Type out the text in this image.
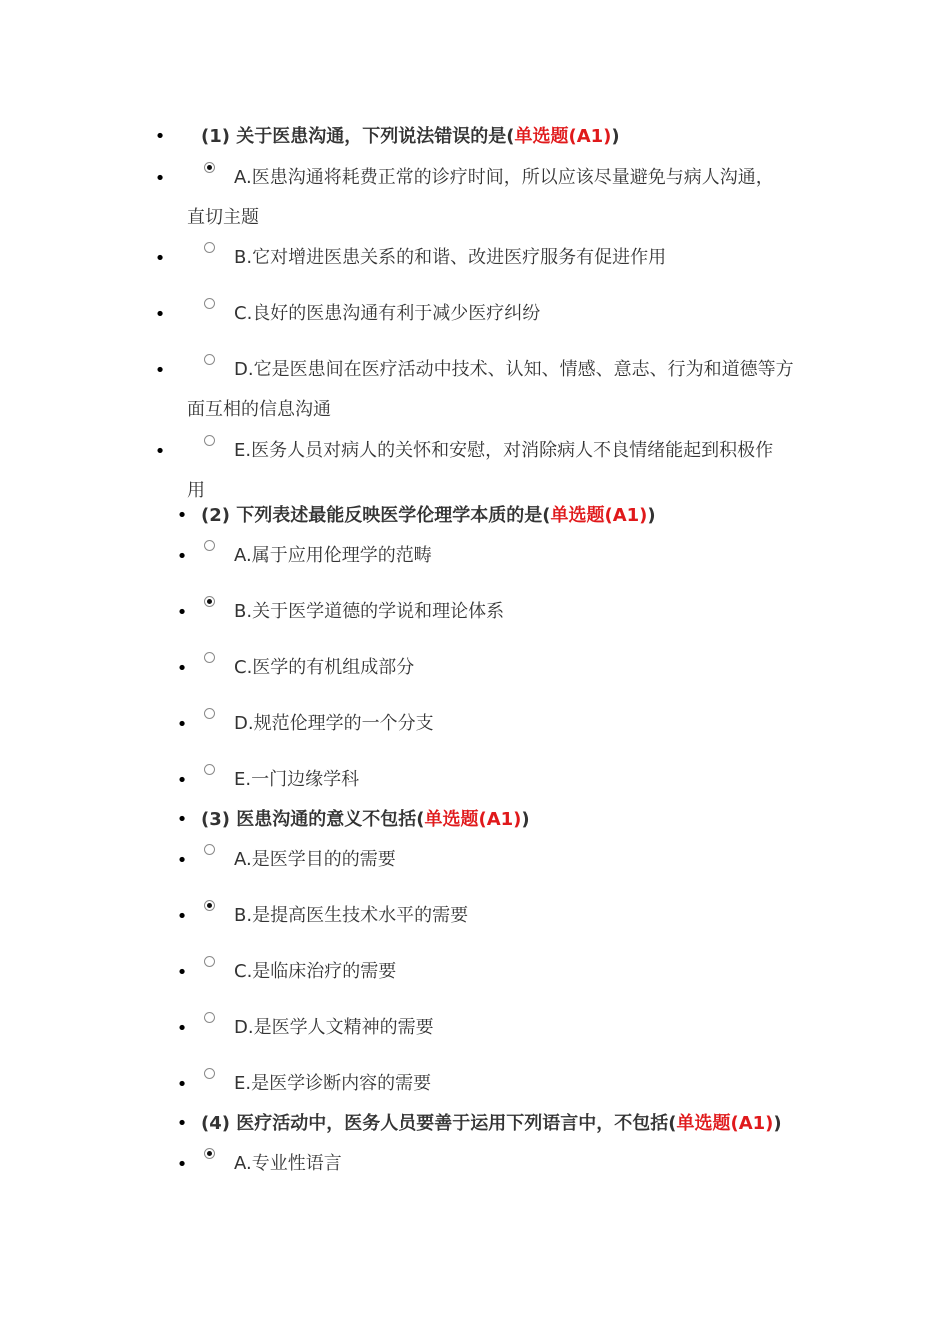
•	(1) 关于医患沟通，下列说法错误的是(单选题(A1))
•	A.医患沟通将耗费正常的诊疗时间，所以应该尽量避免与病人沟通，
直切主题
•	B.它对增进医患关系的和谐、改进医疗服务有促进作用
•	C.良好的医患沟通有利于减少医疗纠纷
•	D.它是医患间在医疗活动中技术、认知、情感、意志、行为和道德等方
面互相的信息沟通
•	E.医务人员对病人的关怀和安慰，对消除病人不良情绪能起到积极作
用
• (2) 下列表述最能反映医学伦理学本质的是(单选题(A1))
•	A.属于应用伦理学的范畴
•	B.关于医学道德的学说和理论体系
•	C.医学的有机组成部分
•	D.规范伦理学的一个分支
•	E.一门边缘学科
• (3) 医患沟通的意义不包括(单选题(A1))
•	A.是医学目的的需要
•	B.是提高医生技术水平的需要
•	C.是临床治疗的需要
•	D.是医学人文精神的需要
•	E.是医学诊断内容的需要
• (4) 医疗活动中，医务人员要善于运用下列语言中，不包括(单选题(A1))
•	A.专业性语言
